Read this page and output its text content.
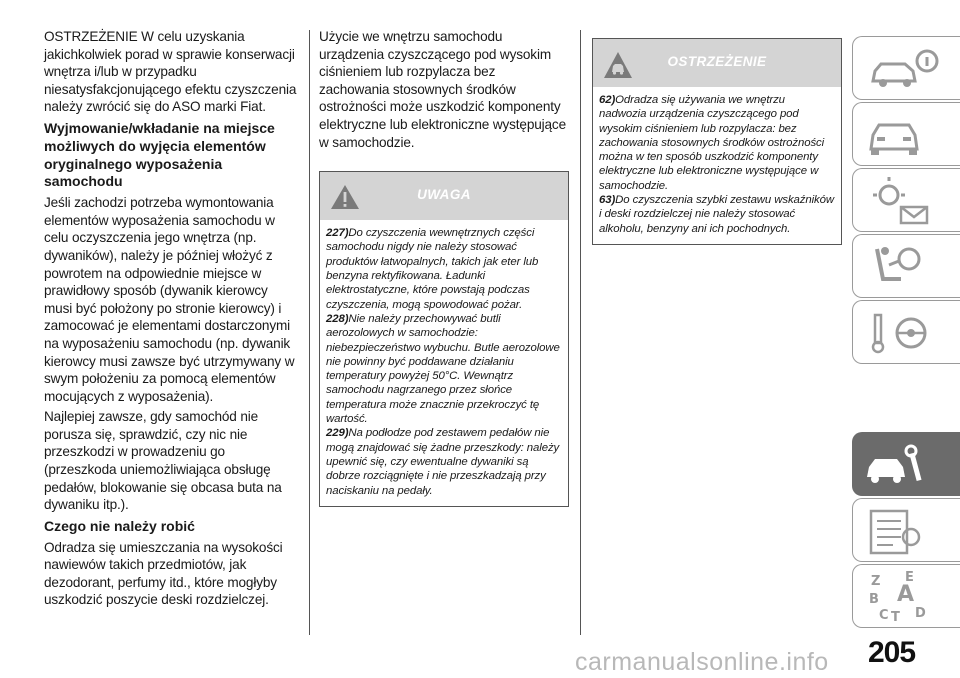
OSTRZEŻENIE W celu uzyskania jakichkolwiek porad w sprawie konserwacji wnętrza i/lub w przypadku niesatysfakcjonującego efektu czyszczenia należy zwrócić się do ASO marki Fiat.

Wyjmowanie/wkładanie na miejsce możliwych do wyjęcia elementów oryginalnego wyposażenia samochodu

Jeśli zachodzi potrzeba wymontowania elementów wyposażenia samochodu w celu oczyszczenia jego wnętrza (np. dywaników), należy je później włożyć z powrotem na odpowiednie miejsce w prawidłowy sposób (dywanik kierowcy musi być położony po stronie kierowcy) i zamocować je elementami dostarczonymi na wyposażeniu samochodu (np. dywanik kierowcy musi zawsze być utrzymywany w swym położeniu za pomocą elementów mocujących z wyposażenia).

Najlepiej zawsze, gdy samochód nie porusza się, sprawdzić, czy nic nie przeszkodzi w prowadzeniu go (przeszkoda uniemożliwiająca obsługę pedałów, blokowanie się obcasa buta na dywaniku itp.).

Czego nie należy robić

Odradza się umieszczania na wysokości nawiewów takich przedmiotów, jak dezodorant, perfumy itd., które mogłyby uszkodzić poszycie deski rozdzielczej.

Użycie we wnętrzu samochodu urządzenia czyszczącego pod wysokim ciśnieniem lub rozpylacza bez zachowania stosownych środków ostrożności może uszkodzić komponenty elektryczne lub elektroniczne występujące w samochodzie.

UWAGA

227)Do czyszczenia wewnętrznych części samochodu nigdy nie należy stosować produktów łatwopalnych, takich jak eter lub benzyna rektyfikowana. Ładunki elektrostatyczne, które powstają podczas czyszczenia, mogą spowodować pożar.

228)Nie należy przechowywać butli aerozolowych w samochodzie: niebezpieczeństwo wybuchu. Butle aerozolowe nie powinny być poddawane działaniu temperatury powyżej 50°C. Wewnątrz samochodu nagrzanego przez słońce temperatura może znacznie przekroczyć tę wartość.

229)Na podłodze pod zestawem pedałów nie mogą znajdować się żadne przeszkody: należy upewnić się, czy ewentualne dywaniki są dobrze rozciągnięte i nie przeszkadzają przy naciskaniu na pedały.

OSTRZEŻENIE

62)Odradza się używania we wnętrzu nadwozia urządzenia czyszczącego pod wysokim ciśnieniem lub rozpylacza: bez zachowania stosownych środków ostrożności można w ten sposób uszkodzić komponenty elektryczne lub elektroniczne występujące w samochodzie.

63)Do czyszczenia szybki zestawu wskaźników i deski rozdzielczej nie należy stosować alkoholu, benzyny ani ich pochodnych.

Z E
B A
C T D
205
carmanualsonline.info
